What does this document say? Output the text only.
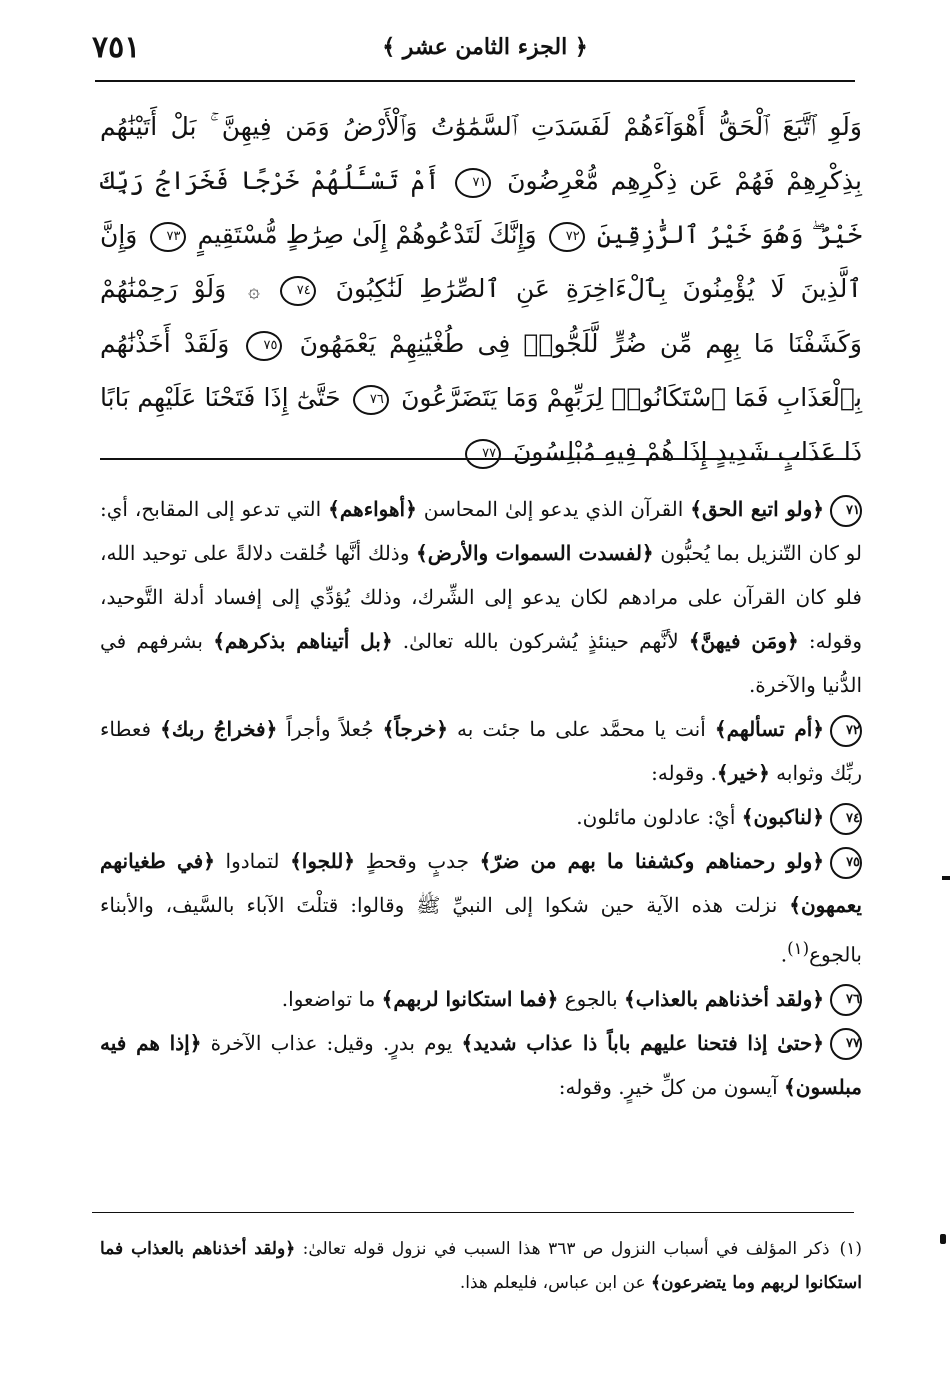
٧٥١	﴿ الجزء الثامن عشر ﴾
وَلَوِ ٱتَّبَعَ ٱلْحَقُّ أَهْوَآءَهُمْ لَفَسَدَتِ ٱلسَّمَٰوَٰتُ وَٱلْأَرْضُ وَمَن فِيهِنَّ ۚ بَلْ أَتَيْنَٰهُم بِذِكْرِهِمْ فَهُمْ عَن ذِكْرِهِم مُّعْرِضُونَ ٧١ أَمْ تَسْـَٔلُهُمْ خَرْجًا فَخَرَاجُ رَبِّكَ خَيْرٌ ۖ وَهُوَ خَيْرُ ٱلرَّٰزِقِينَ ٧٢ وَإِنَّكَ لَتَدْعُوهُمْ إِلَىٰ صِرَٰطٍ مُّسْتَقِيمٍ ٧٣ وَإِنَّ ٱلَّذِينَ لَا يُؤْمِنُونَ بِٱلْءَاخِرَةِ عَنِ ٱلصِّرَٰطِ لَنَٰكِبُونَ ٧٤ ۞ وَلَوْ رَحِمْنَٰهُمْ وَكَشَفْنَا مَا بِهِم مِّن ضُرٍّ لَّلَجُّوا۟ فِى طُغْيَٰنِهِمْ يَعْمَهُونَ ٧٥ وَلَقَدْ أَخَذْنَٰهُم بِٱلْعَذَابِ فَمَا ٱسْتَكَانُوا۟ لِرَبِّهِمْ وَمَا يَتَضَرَّعُونَ ٧٦ حَتَّىٰٓ إِذَا فَتَحْنَا عَلَيْهِم بَابًا ذَا عَذَابٍ شَدِيدٍ إِذَا هُمْ فِيهِ مُبْلِسُونَ ٧٧

٧١﴿ولو اتبع الحق﴾ القرآن الذي يدعو إلىٰ المحاسن ﴿أهواءهم﴾ التي تدعو إلى المقابح، أي: لو كان التّنزيل بما يُحبُّون ﴿لفسدت السموات والأرض﴾ وذلك أنَّها خُلقت دلالةً على توحيد الله، فلو كان القرآن على مرادهم لكان يدعو إلى الشِّرك، وذلك يُؤدِّي إلى إفساد أدلة التَّوحيد، وقوله: ﴿ومَن فيهنَّ﴾ لأنَّهم حينئذٍ يُشركون بالله تعالىٰ. ﴿بل أتيناهم بذكرهم﴾ بشرفهم في الدُّنيا والآخرة.

٧٢﴿أم تسألهم﴾ أنت يا محمَّد على ما جئت به ﴿خرجاً﴾ جُعلاً وأجراً ﴿فخراجُ ربك﴾ فعطاء ربِّك وثوابه ﴿خير﴾. وقوله:

٧٤﴿لناكبون﴾ أيْ: عادلون مائلون.

٧٥﴿ولو رحمناهم وكشفنا ما بهم من ضرّ﴾ جدبٍ وقحطٍ ﴿للجوا﴾ لتمادوا ﴿في طغيانهم يعمهون﴾ نزلت هذه الآية حين شكوا إلى النبيِّ ﷺ وقالوا: قتلْتَ الآباء بالسَّيف، والأبناء بالجوع$^{(١)}$.

٧٦﴿ولقد أخذناهم بالعذاب﴾ بالجوع ﴿فما استكانوا لربهم﴾ ما تواضعوا.

٧٧﴿حتىٰ إذا فتحنا عليهم باباً ذا عذاب شديد﴾ يوم بدرٍ. وقيل: عذاب الآخرة ﴿إذا هم فيه مبلسون﴾ آيسون من كلِّ خيرٍ. وقوله:

(١)ذكر المؤلف في أسباب النزول ص ٣٦٣ هذا السبب في نزول قوله تعالىٰ: ﴿ولقد أخذناهم بالعذاب فما استكانوا لربهم وما يتضرعون﴾ عن ابن عباس، فليعلم هذا.
